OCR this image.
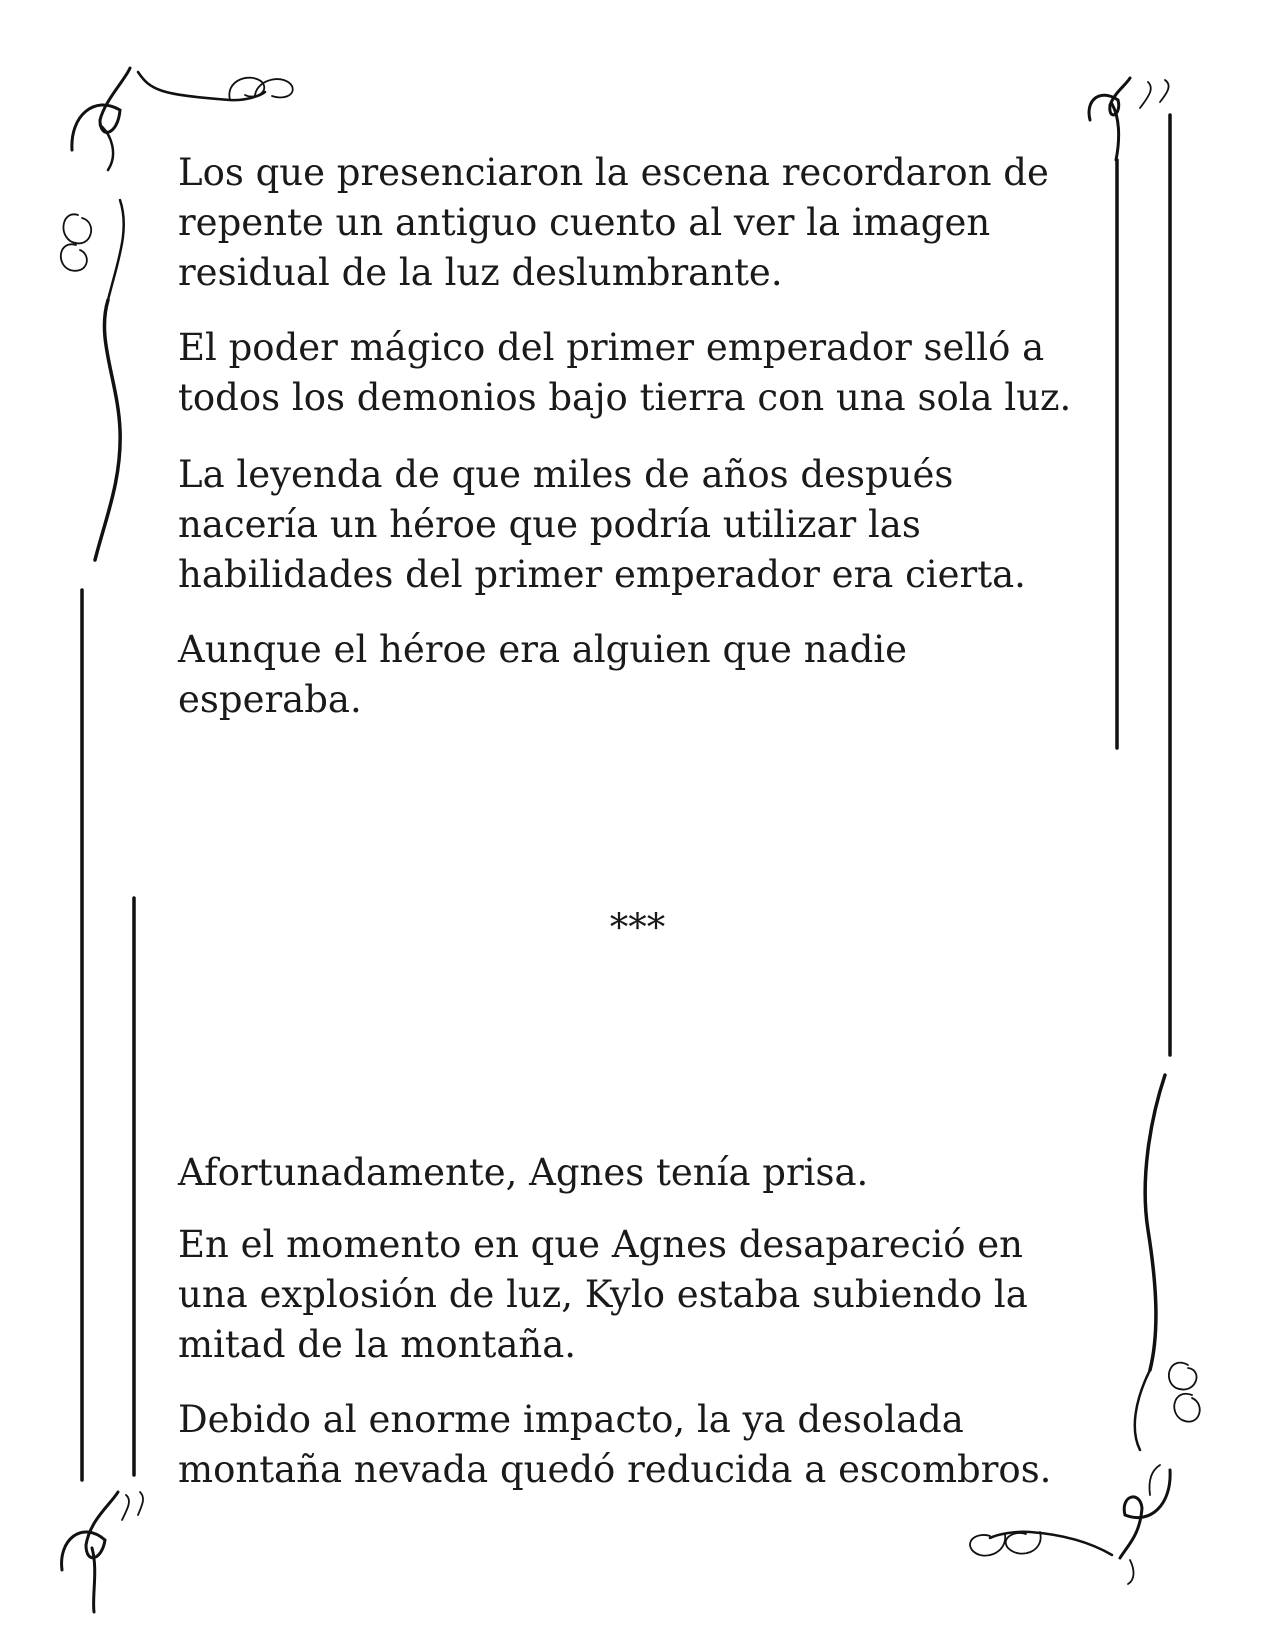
Los que presenciaron la escena recordaron de
repente un antiguo cuento al ver la imagen
residual de la luz deslumbrante.

El poder mágico del primer emperador selló a
todos los demonios bajo tierra con una sola luz.

La leyenda de que miles de años después
nacería un héroe que podría utilizar las
habilidades del primer emperador era cierta.

Aunque el héroe era alguien que nadie
esperaba.

***

Afortunadamente, Agnes tenía prisa.

En el momento en que Agnes desapareció en
una explosión de luz, Kylo estaba subiendo la
mitad de la montaña.

Debido al enorme impacto, la ya desolada
montaña nevada quedó reducida a escombros.
